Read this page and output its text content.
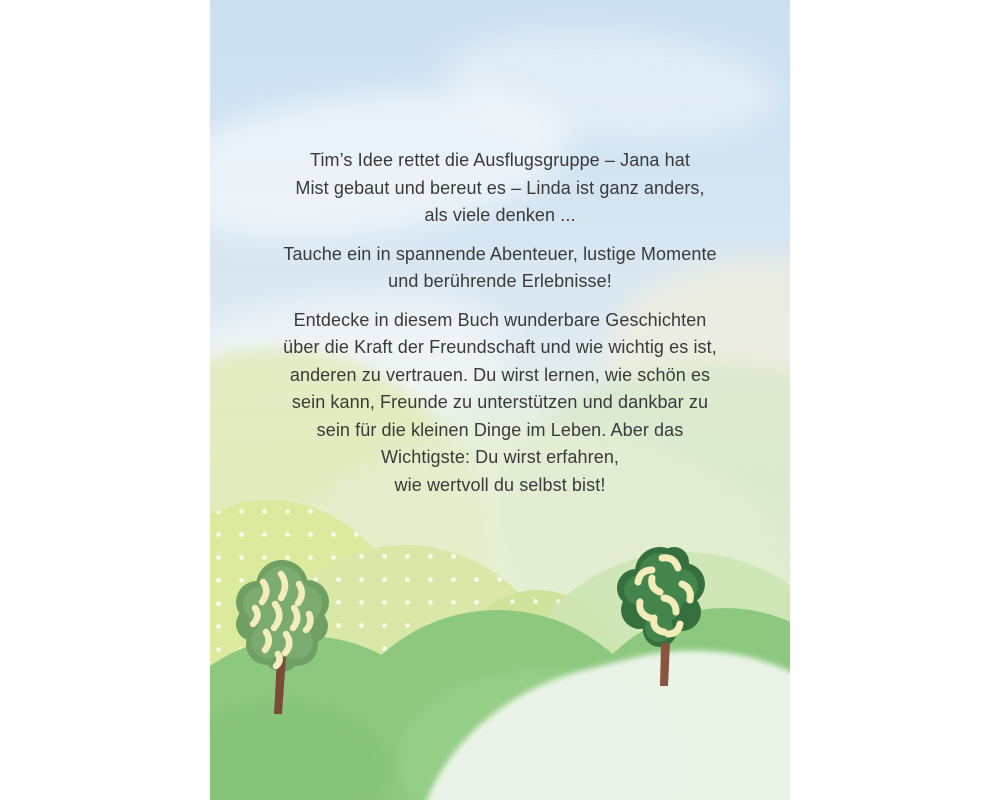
Tim’s Idee rettet die Ausflugsgruppe – Jana hat
Mist gebaut und bereut es – Linda ist ganz anders,
als viele denken ...
Tauche ein in spannende Abenteuer, lustige Momente
und berührende Erlebnisse!
Entdecke in diesem Buch wunderbare Geschichten
über die Kraft der Freundschaft und wie wichtig es ist,
anderen zu vertrauen. Du wirst lernen, wie schön es
sein kann, Freunde zu unterstützen und dankbar zu
sein für die kleinen Dinge im Leben. Aber das
Wichtigste: Du wirst erfahren,
wie wertvoll du selbst bist!
